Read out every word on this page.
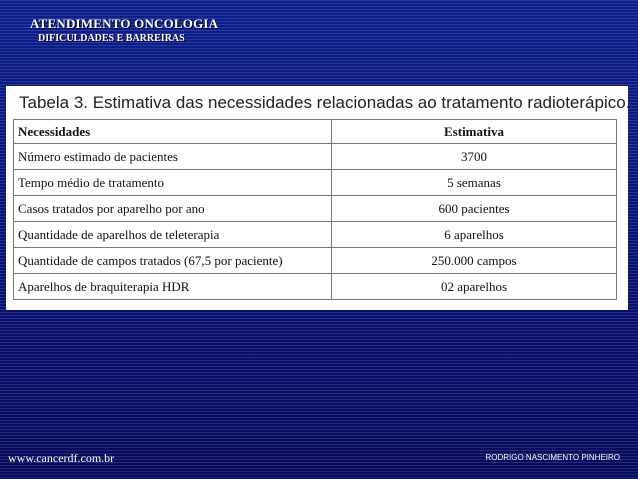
ATENDIMENTO ONCOLOGIA
DIFICULDADES E BARREIRAS
Tabela 3. Estimativa das necessidades relacionadas ao tratamento radioterápico.
Necessidades	Estimativa
Número estimado de pacientes	3700
Tempo médio de tratamento	5 semanas
Casos tratados por aparelho por ano	600 pacientes
Quantidade de aparelhos de teleterapia	6 aparelhos
Quantidade de campos tratados (67,5 por paciente)	250.000 campos
Aparelhos de braquiterapia HDR	02 aparelhos
www.cancerdf.com.br	RODRIGO NASCIMENTO PINHEIRO
